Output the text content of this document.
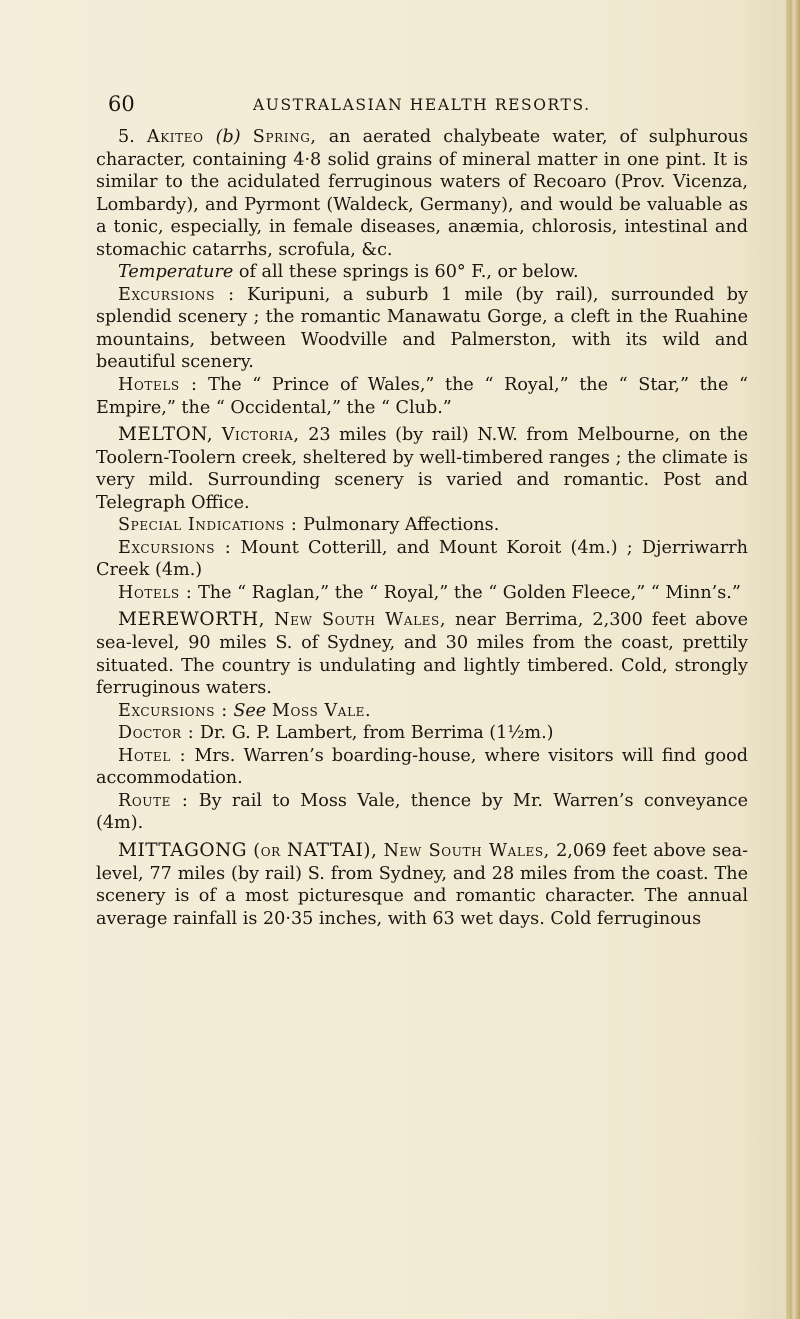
60	AUSTRALASIAN HEALTH RESORTS.

5. Akiteo (b) Spring, an aerated chalybeate water, of sulphurous character, containing 4·8 solid grains of mineral matter in one pint. It is similar to the acidulated ferruginous waters of Recoaro (Prov. Vicenza, Lombardy), and Pyrmont (Waldeck, Germany), and would be valuable as a tonic, especially, in female diseases, anæmia, chlorosis, intestinal and stomachic catarrhs, scrofula, &c.

Temperature of all these springs is 60° F., or below.

Excursions : Kuripuni, a suburb 1 mile (by rail), surrounded by splendid scenery ; the romantic Manawatu Gorge, a cleft in the Ruahine mountains, between Woodville and Palmerston, with its wild and beautiful scenery.

Hotels : The “ Prince of Wales,” the “ Royal,” the “ Star,” the “ Empire,” the “ Occidental,” the “ Club.”

MELTON, Victoria, 23 miles (by rail) N.W. from Melbourne, on the Toolern-Toolern creek, sheltered by well-timbered ranges ; the climate is very mild. Surrounding scenery is varied and romantic. Post and Telegraph Office.

Special Indications : Pulmonary Affections.

Excursions : Mount Cotterill, and Mount Koroit (4m.) ; Djerriwarrh Creek (4m.)

Hotels : The “ Raglan,” the “ Royal,” the “ Golden Fleece,” “ Minn’s.”

MEREWORTH, New South Wales, near Berrima, 2,300 feet above sea-level, 90 miles S. of Sydney, and 30 miles from the coast, prettily situated. The country is undulating and lightly timbered. Cold, strongly ferruginous waters.

Excursions : See Moss Vale.

Doctor : Dr. G. P. Lambert, from Berrima (1½m.)

Hotel : Mrs. Warren’s boarding-house, where visitors will find good accommodation.

Route : By rail to Moss Vale, thence by Mr. Warren’s conveyance (4m).

MITTAGONG (or NATTAI), New South Wales, 2,069 feet above sea-level, 77 miles (by rail) S. from Sydney, and 28 miles from the coast. The scenery is of a most picturesque and romantic character. The annual average rainfall is 20·35 inches, with 63 wet days. Cold ferruginous
